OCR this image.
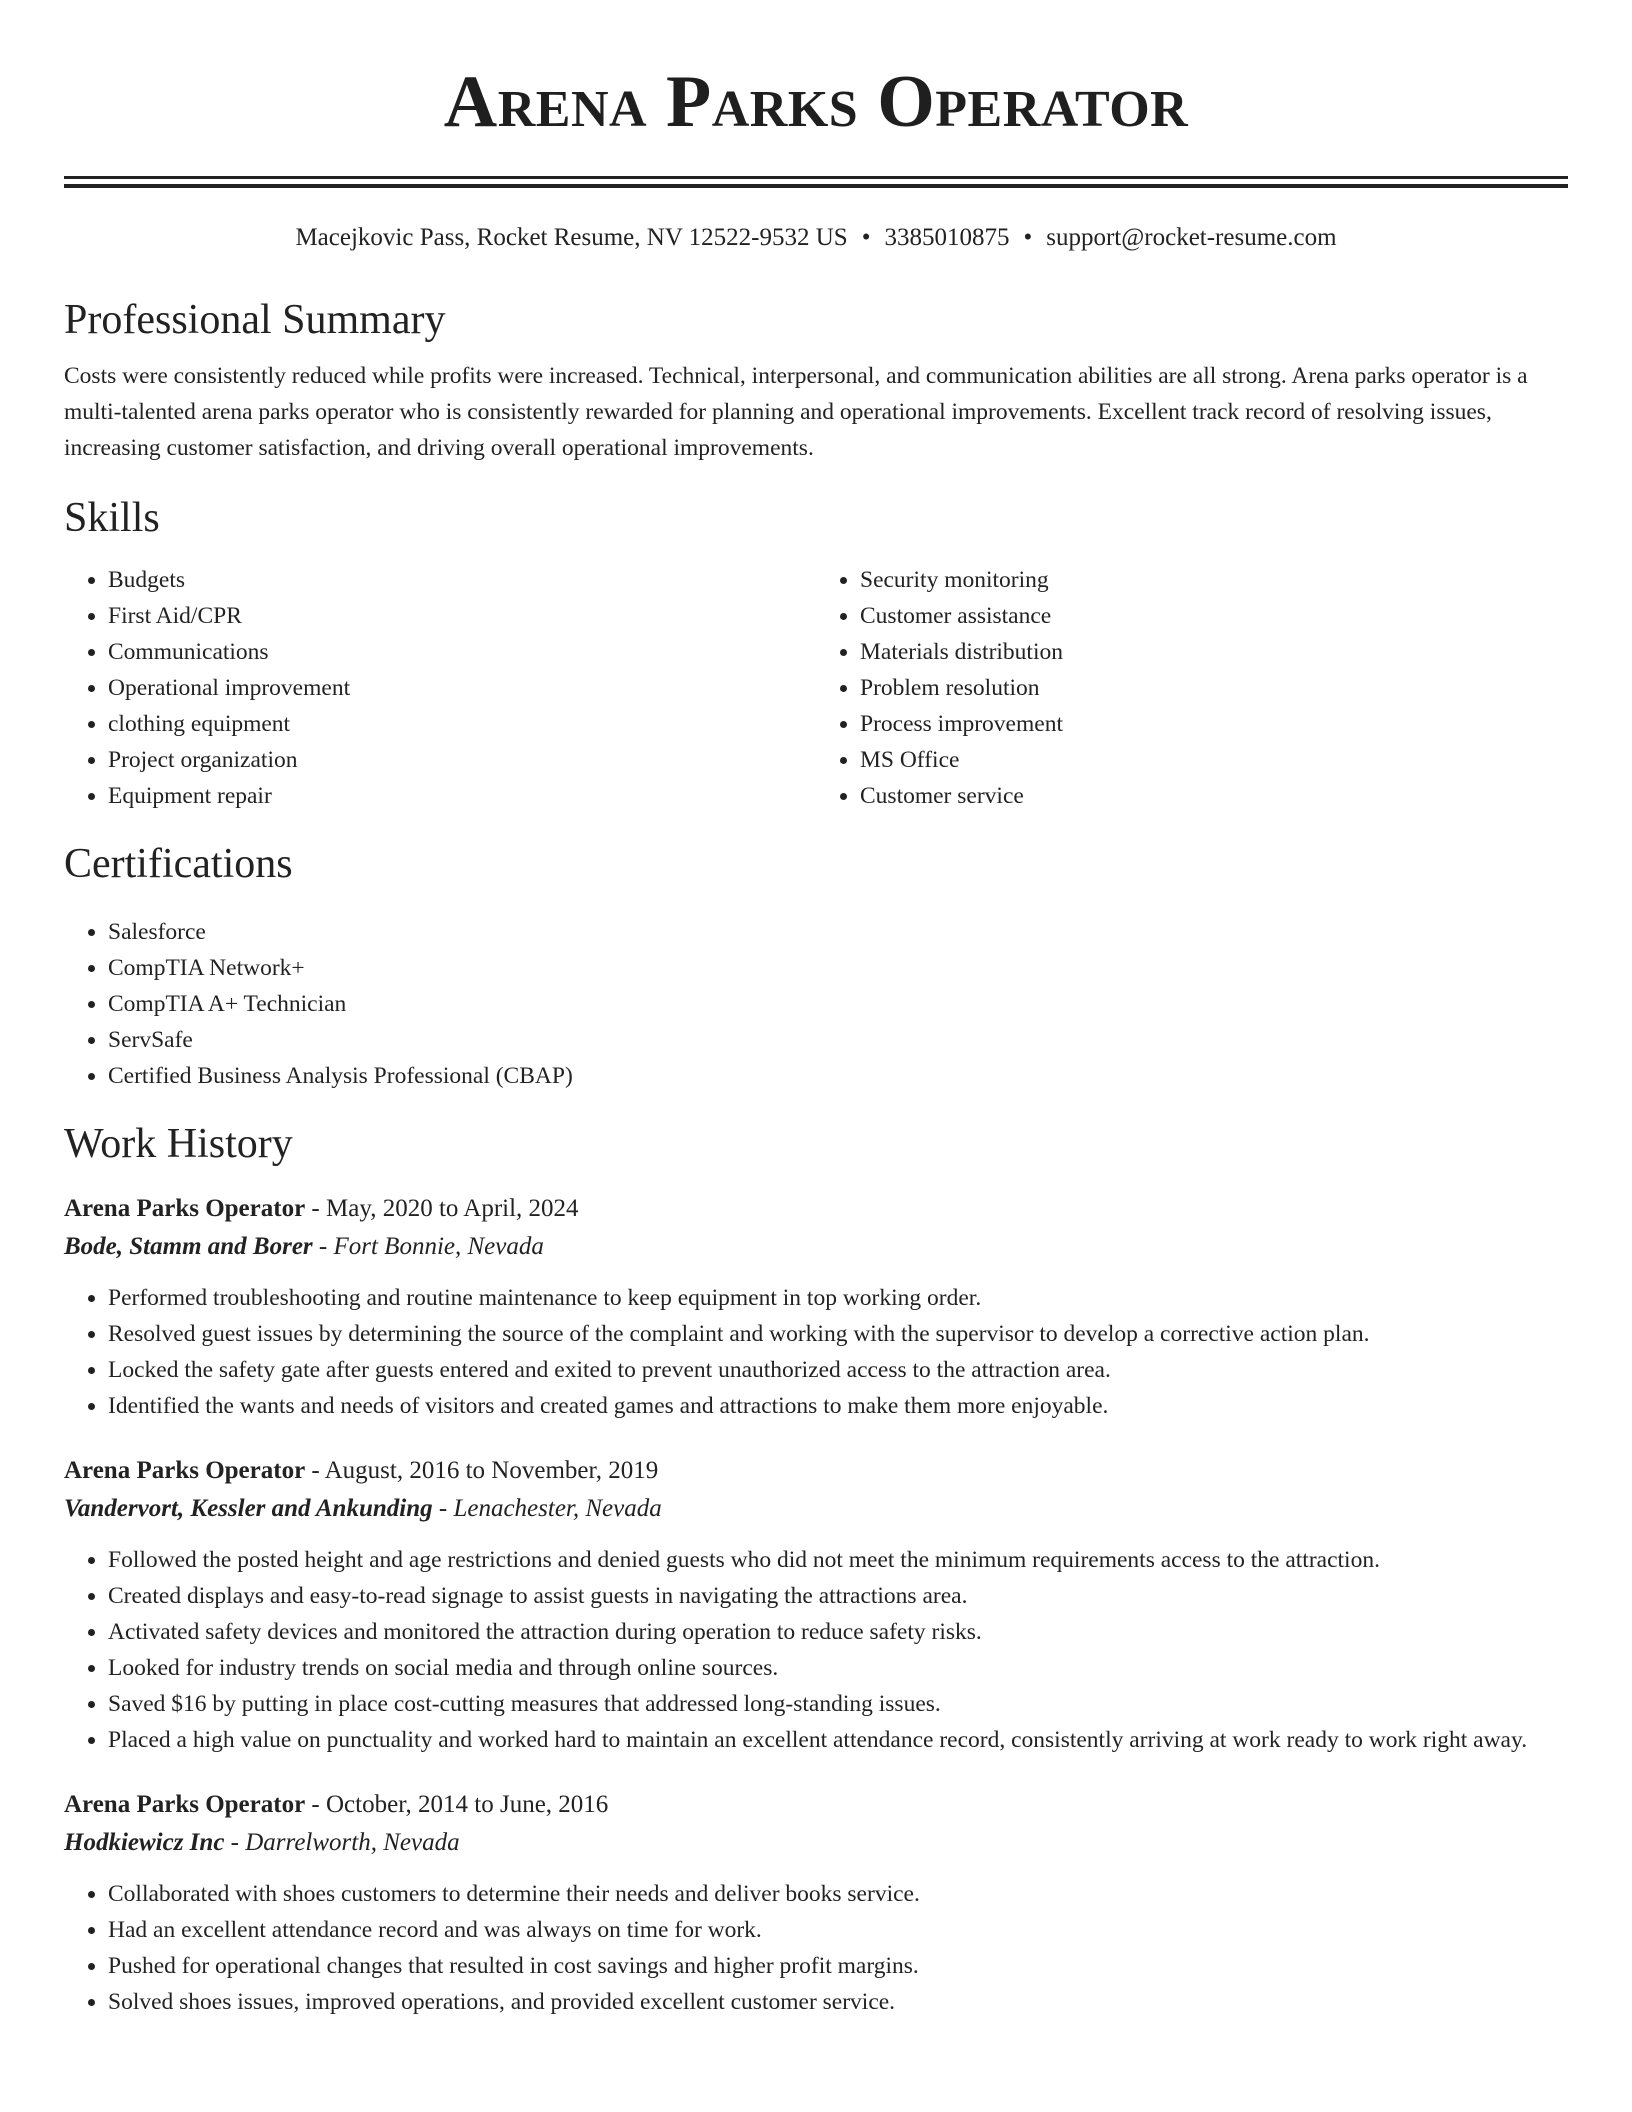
Arena Parks Operator
Macejkovic Pass, Rocket Resume, NV 12522-9532 US • 3385010875 • support@rocket-resume.com
Professional Summary

Costs were consistently reduced while profits were increased. Technical, interpersonal, and communication abilities are all strong. Arena parks operator is a multi-talented arena parks operator who is consistently rewarded for planning and operational improvements. Excellent track record of resolving issues, increasing customer satisfaction, and driving overall operational improvements.

Skills
• Budgets
• First Aid/CPR
• Communications
• Operational improvement
• clothing equipment
• Project organization
• Equipment repair
• Security monitoring
• Customer assistance
• Materials distribution
• Problem resolution
• Process improvement
• MS Office
• Customer service
Certifications
• Salesforce
• CompTIA Network+
• CompTIA A+ Technician
• ServSafe
• Certified Business Analysis Professional (CBAP)
Work History
Arena Parks Operator - May, 2020 to April, 2024
Bode, Stamm and Borer - Fort Bonnie, Nevada
• Performed troubleshooting and routine maintenance to keep equipment in top working order.
• Resolved guest issues by determining the source of the complaint and working with the supervisor to develop a corrective action plan.
• Locked the safety gate after guests entered and exited to prevent unauthorized access to the attraction area.
• Identified the wants and needs of visitors and created games and attractions to make them more enjoyable.
Arena Parks Operator - August, 2016 to November, 2019
Vandervort, Kessler and Ankunding - Lenachester, Nevada
• Followed the posted height and age restrictions and denied guests who did not meet the minimum requirements access to the attraction.
• Created displays and easy-to-read signage to assist guests in navigating the attractions area.
• Activated safety devices and monitored the attraction during operation to reduce safety risks.
• Looked for industry trends on social media and through online sources.
• Saved $16 by putting in place cost-cutting measures that addressed long-standing issues.
• Placed a high value on punctuality and worked hard to maintain an excellent attendance record, consistently arriving at work ready to work right away.
Arena Parks Operator - October, 2014 to June, 2016
Hodkiewicz Inc - Darrelworth, Nevada
• Collaborated with shoes customers to determine their needs and deliver books service.
• Had an excellent attendance record and was always on time for work.
• Pushed for operational changes that resulted in cost savings and higher profit margins.
• Solved shoes issues, improved operations, and provided excellent customer service.
